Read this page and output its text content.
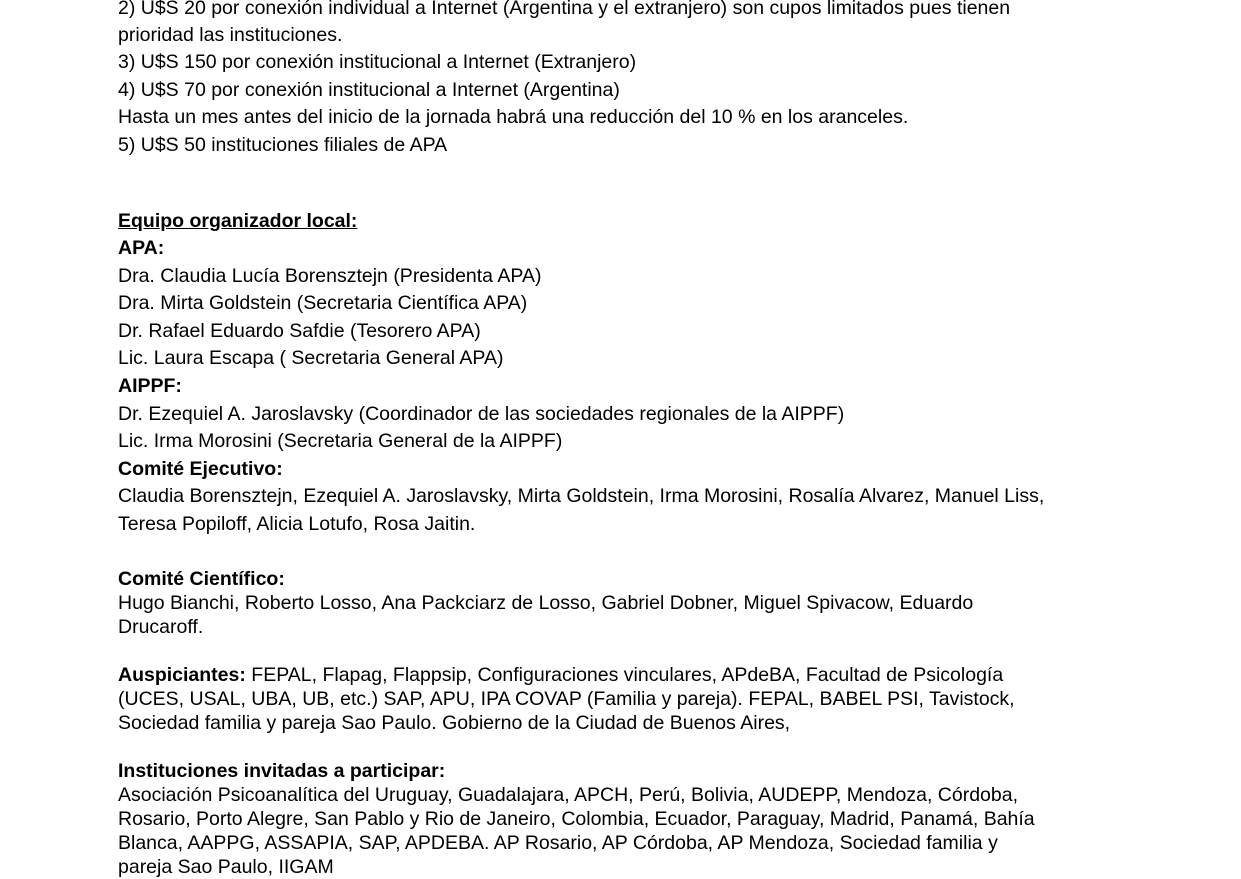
2) U$S 20 por conexión individual a Internet (Argentina y el extranjero) son cupos limitados pues tienen
prioridad las instituciones.
3) U$S 150 por conexión institucional a Internet (Extranjero)
4) U$S 70 por conexión institucional a Internet (Argentina)
Hasta un mes antes del inicio de la jornada habrá una reducción del 10 % en los aranceles.
5) U$S 50 instituciones filiales de APA
Equipo organizador local:
APA:
Dra. Claudia Lucía Borensztejn (Presidenta APA)
Dra. Mirta Goldstein (Secretaria Científica APA)
Dr. Rafael Eduardo Safdie (Tesorero APA)
Lic. Laura Escapa ( Secretaria General APA)
AIPPF:
Dr. Ezequiel A. Jaroslavsky (Coordinador de las sociedades regionales de la AIPPF)
Lic. Irma Morosini (Secretaria General de la AIPPF)
Comité Ejecutivo:
Claudia Borensztejn, Ezequiel A. Jaroslavsky, Mirta Goldstein, Irma Morosini, Rosalía Alvarez, Manuel Liss,
Teresa Popiloff, Alicia Lotufo, Rosa Jaitin.
Comité Científico:
Hugo Bianchi, Roberto Losso, Ana Packciarz de Losso, Gabriel Dobner, Miguel Spivacow, Eduardo
Drucaroff.
Auspiciantes: FEPAL, Flapag, Flappsip, Configuraciones vinculares, APdeBA, Facultad de Psicología
(UCES, USAL, UBA, UB, etc.) SAP, APU, IPA COVAP (Familia y pareja). FEPAL, BABEL PSI, Tavistock,
Sociedad familia y pareja Sao Paulo. Gobierno de la Ciudad de Buenos Aires,
Instituciones invitadas a participar:
Asociación Psicoanalítica del Uruguay, Guadalajara, APCH, Perú, Bolivia, AUDEPP, Mendoza, Córdoba,
Rosario, Porto Alegre, San Pablo y Rio de Janeiro, Colombia, Ecuador, Paraguay, Madrid, Panamá, Bahía
Blanca, AAPPG, ASSAPIA, SAP, APDEBA. AP Rosario, AP Córdoba, AP Mendoza, Sociedad familia y
pareja Sao Paulo, IIGAM
